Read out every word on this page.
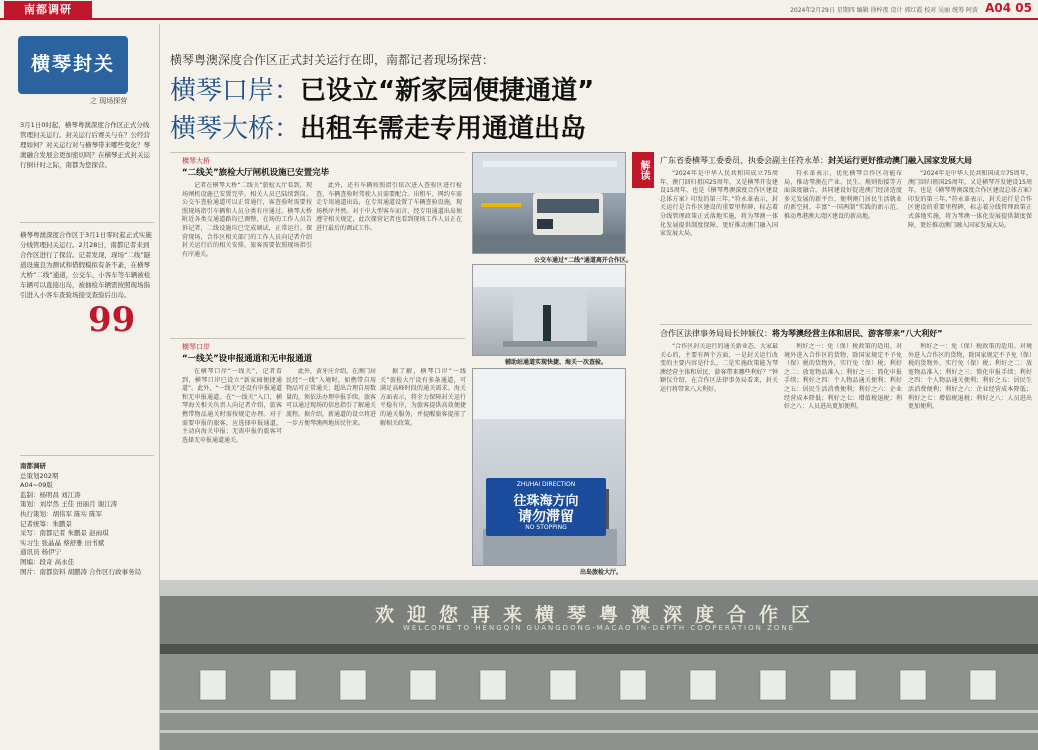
南都调研	2024年2月29日 星期四 编辑 徐梓夜 设计 郭红霞 校对 吴丽 统筹 阿黄 A04 05
横琴封关
之 现场探营
3月1日0时起，横琴粤澳深度合作区正式分线管理封关运行。封关运行后赛关与在？公经营理如何？对关运行对与横琴带来哪些变化？琴澳融合发展会更加密切吗？在横琴正式封关运行倒计时之际，南都为您探营。
横琴粤澳深度合作区于3月1日零时起正式实施分线管理封关运行。2月28日，南都记者来到合作区进行了探营。记者发现，现场“二线”隧道设施良为测试和借假模拟有条不紊，在横琴大桥“二线”通道，公交车、小客车等车辆被检车辆可以直接出岛，被抽检车辆需按照现场指引进入小客车查验场接受查验后出岛。
99
南都调研
总策划202期
A04~09版
监制：杨明昌 刘江涛
策划：刘岸然 王佳 田丽月 谢江涛
执行策划：胡伟军 陈实 陈军
记者统筹：朱鹏景
采写：南都记者 朱鹏景 赵雨琪
实习生 张晶晶 蔡舒雅 田书斌
通讯员 杨伊宁
图编：段奇 高永佳
图片：南都资料 胡鹏涛 合作区行政事务局
横琴粤澳深度合作区正式封关运行在即，南都记者现场探营：
横琴口岸：已设立“新家园便捷通道”
横琴大桥：出租车需走专用通道出岛
横琴大桥
“二线关”旅检大厅闸机设施已安置完毕
记者在横琴大桥“二线关”旅检大厅看到，现场闸机设施已安置完毕，相关人员已陆续到岗。公交车查验通道可以正常通行，客查验时需要按照现场指引车辆和人员分类有序通过。横琴大桥附近各类交通道路均已调整，在场的工作人员告诉记者，二线设施均已完成调试，正常运行。探营现场，合作区相关部门的工作人员向记者介绍封关运行后的相关安排，旅客需要依照现场指引有序通关。
此外，还有车辆按照指引依次进入查验区进行检查，车辆查验时驾驶人员需要配合。出租车、网约车需走专用通道出岛，在专用通道设置了车辆查验设施，现场秩序井然。对于中大型客车而言，经专用通道出岛须遵守相关规定，此次探营记者也看到现场工作人员正在进行最后的调试工作。
横琴口岸
“一线关”设申报通道和无申报通道
在横琴口岸“一线关”，记者看到，横琴口岸已设立“新家园便捷通道”。此外，“一线关”还设有申报通道和无申报通道。在“一线关”入口，横琴海关相关负责人向记者介绍，旅客携带物品通关时需按规定办理。对于需要申报的旅客，应选择申报通道，主动向海关申报；无需申报的旅客可选择无申报通道通关。
此外，黄牙庄介绍，在澳门居民经“一线”入境时，如携带自用物品可正常通关；超出合理自用数量的，须依法办理申报手续。旅客可以通过现场的信息指引了解通关流程。据介绍，新通道的设立将进一步方便琴澳两地居民往来。
据了解，横琴口岸“一线关”旅检大厅设有多条通道，可满足高峰时段的通关需求。海关方面表示，将全力保障封关运行平稳有序，为旅客提供高效便捷的通关服务，并提醒旅客提前了解相关政策。
公交车通过“二线”通道离开合作区。
辅助站通道实现快捷、海关一次查验。
ZHUHAI DIRECTION
往珠海方向
请勿滞留
NO STOPPING
出岛旅检大厅。
解读	广东省委横琴工委委员、执委会副主任符永革：封关运行更好推动澳门融入国家发展大局
“2024年是中华人民共和国成立75周年，澳门回归祖国25周年，又是横琴开发建设15周年，也是《横琴粤澳深度合作区建设总体方案》印发的第三年。”符永革表示，封关运行是合作区建设的重要里程碑，标志着分线管理政策正式落地实施，将为琴澳一体化发展提供制度保障，更好推动澳门融入国家发展大局。
符永革表示，优化横琴合作区功能布局，推动琴澳在产业、民生、规则衔接等方面深度融合，共同建设好促进澳门经济适度多元发展的新平台、便利澳门居民生活就业的新空间、丰富“一国两制”实践的新示范、推动粤港澳大湾区建设的新高地。
“2024年是中华人民共和国成立75周年，澳门回归祖国25周年，又是横琴开发建设15周年，也是《横琴粤澳深度合作区建设总体方案》印发的第三年。”符永革表示，封关运行是合作区建设的重要里程碑，标志着分线管理政策正式落地实施，将为琴澳一体化发展提供制度保障，更好推动澳门融入国家发展大局。
合作区法律事务局局长钟颖仪：将为琴澳经营主体和居民、游客带来“八大利好”
“合作区封关运行的通关新业态，大家最关心的，主要有两个方面，一是封关运行改变的主要内容是什么，二是实施政策能为琴澳经营主体和居民、游客带来哪些利好？”钟颖仪介绍，在合作区法律事务局看来，封关运行将带来八大利好。
利好之一：免（保）税政策的适用。对境外进入合作区的货物，除国家规定不予免（保）税的货物外，实行免（保）税；利好之二：放宽物品准入；利好之三：简化申报手续；利好之四：个人物品通关便利；利好之五：居民生活消费便利；利好之六：企业经营成本降低；利好之七：增值税退税；利好之八：人员进出更加便利。
利好之一：免（保）税政策的适用。对境外进入合作区的货物，除国家规定不予免（保）税的货物外，实行免（保）税；利好之二：放宽物品准入；利好之三：简化申报手续；利好之四：个人物品通关便利；利好之五：居民生活消费便利；利好之六：企业经营成本降低；利好之七：增值税退税；利好之八：人员进出更加便利。
欢迎您再来横琴粤澳深度合作区
WELCOME TO HENGQIN GUANGDONG-MACAO IN-DEPTH COOPERATION ZONE
